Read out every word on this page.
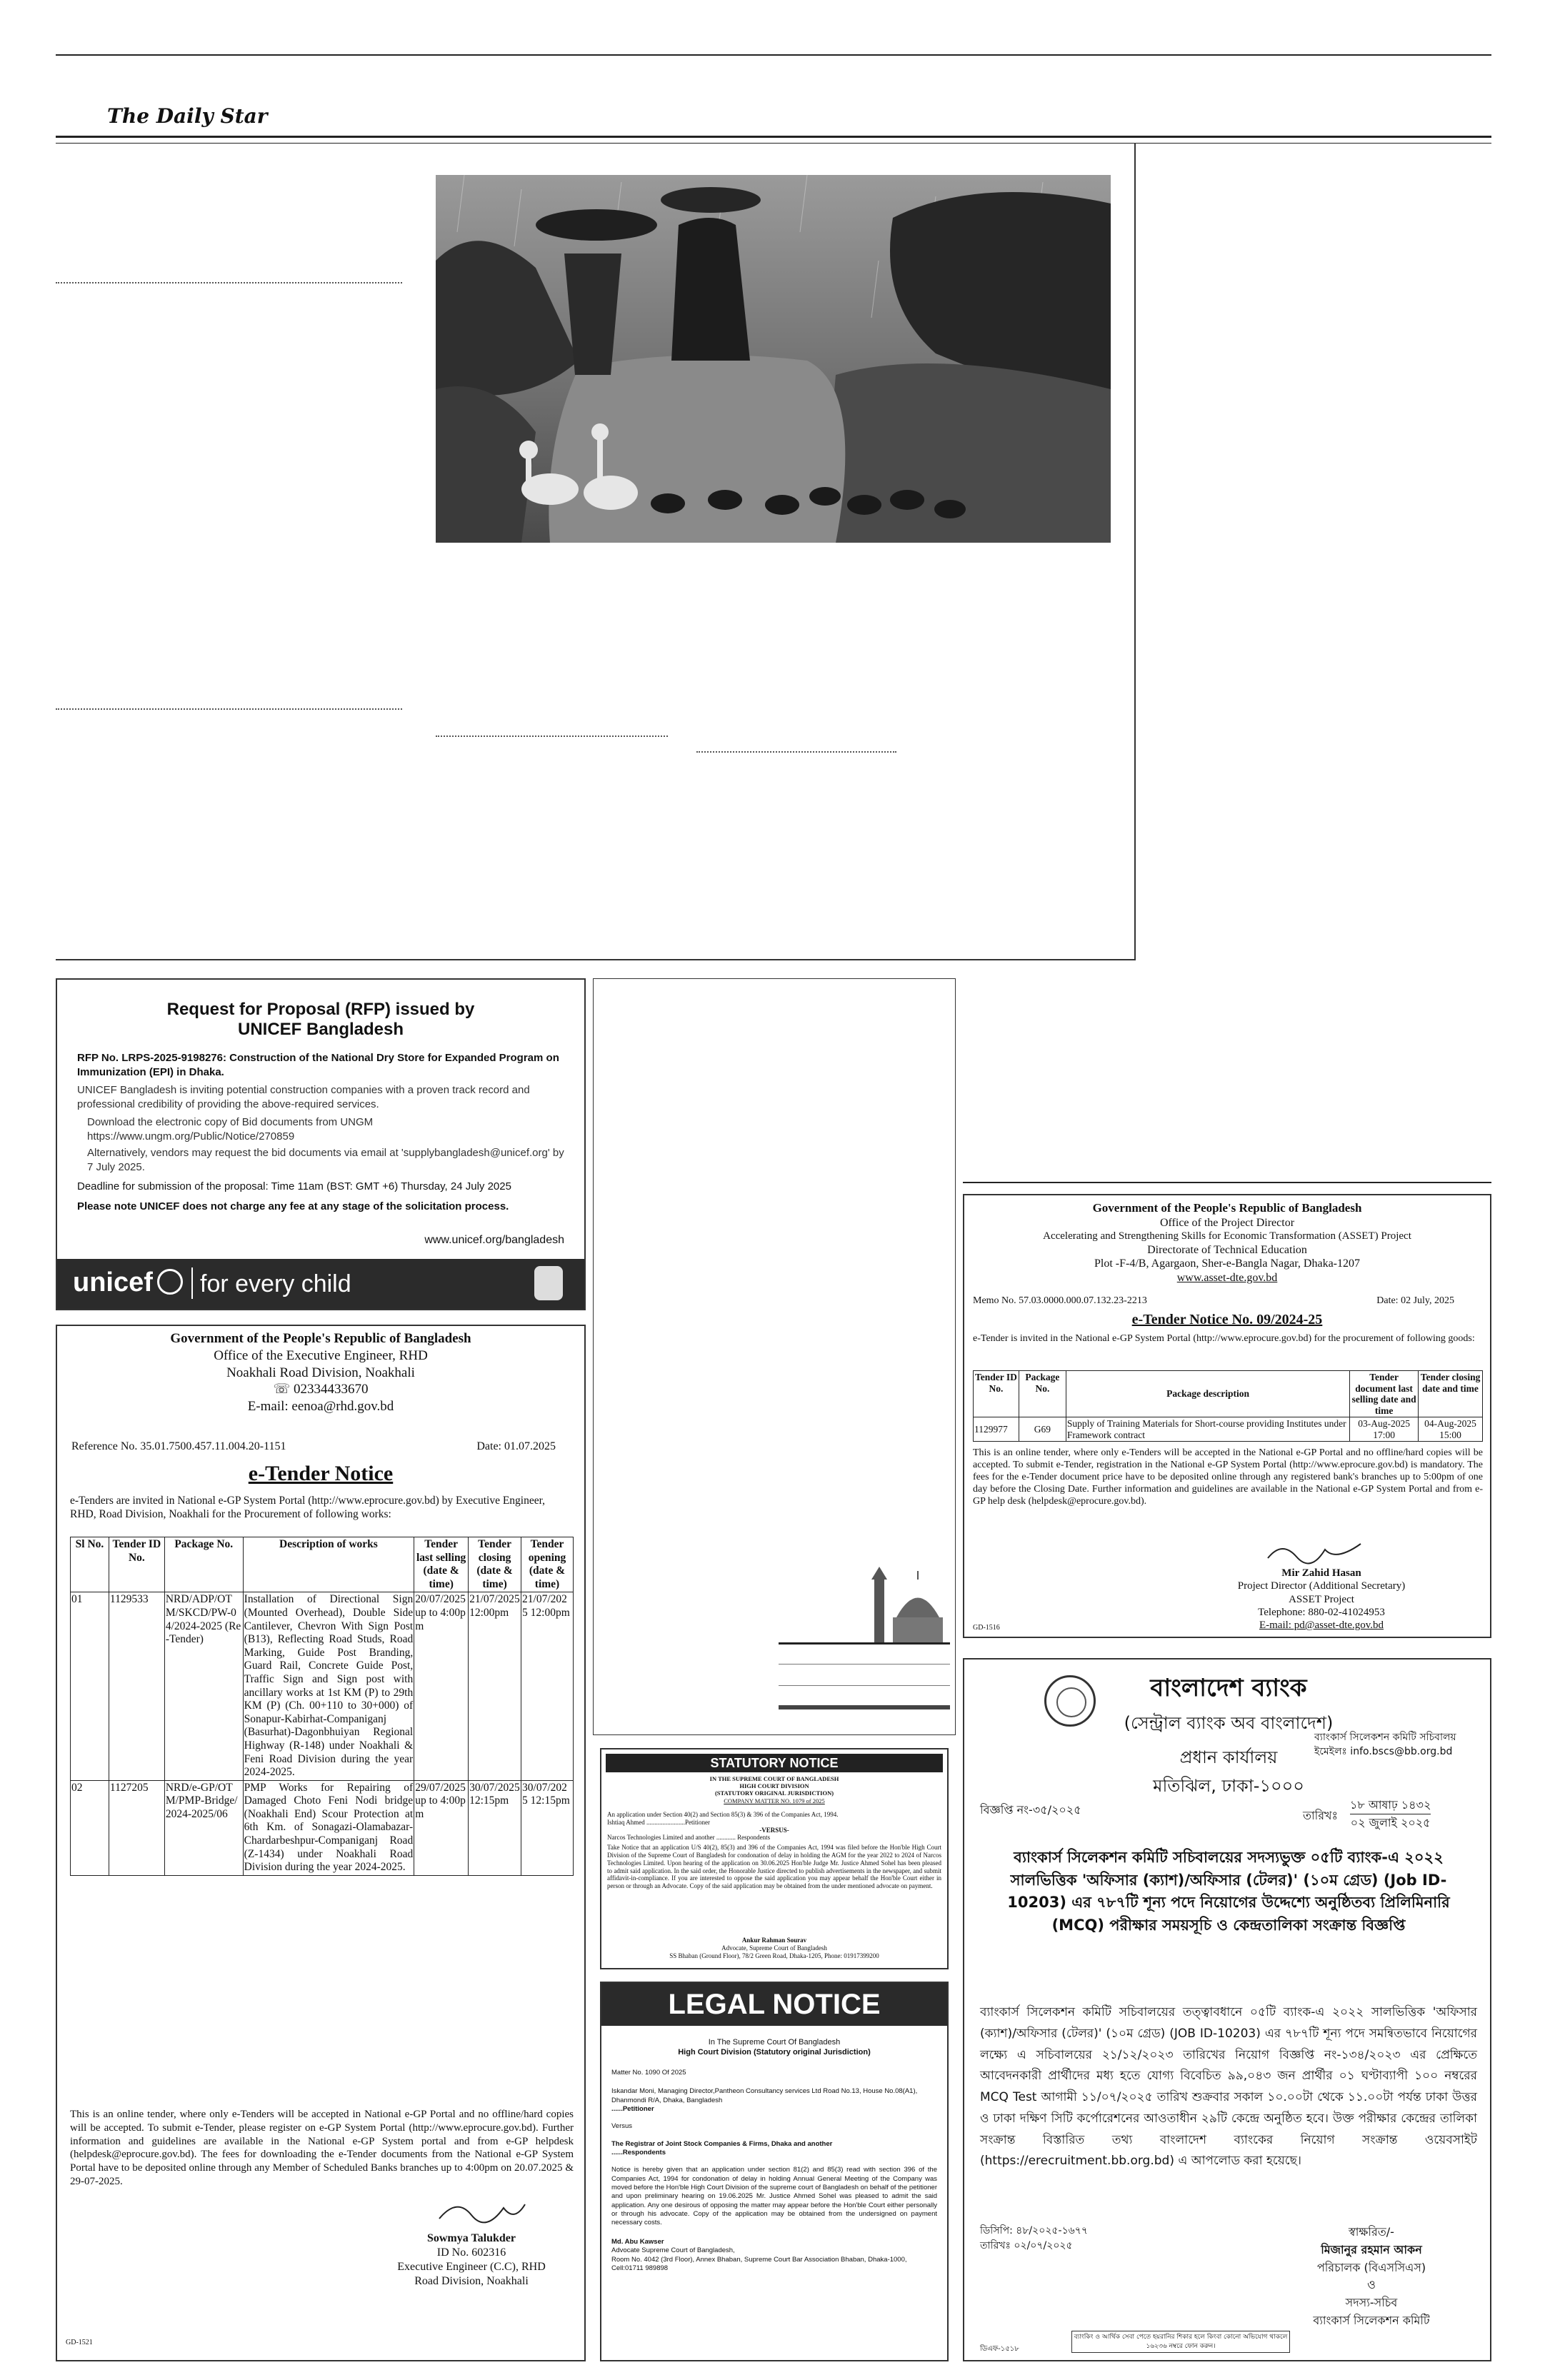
The Daily Star
Request for Proposal (RFP) issued by
UNICEF Bangladesh
RFP No. LRPS-2025-9198276: Construction of the National Dry Store for Expanded Program on Immunization (EPI) in Dhaka.
UNICEF Bangladesh is inviting potential construction companies with a proven track record and professional credibility of providing the above-required services.
Download the electronic copy of Bid documents from UNGM https://www.ungm.org/Public/Notice/270859
Alternatively, vendors may request the bid documents via email at 'supplybangladesh@unicef.org' by 7 July 2025.
Deadline for submission of the proposal: Time 11am (BST: GMT +6) Thursday, 24 July 2025
Please note UNICEF does not charge any fee at any stage of the solicitation process.
www.unicef.org/bangladesh
unicef for every child
Government of the People's Republic of Bangladesh
Office of the Executive Engineer, RHD
Noakhali Road Division, Noakhali
☏ 02334433670
E-mail: eenoa@rhd.gov.bd
Reference No. 35.01.7500.457.11.004.20-1151	Date: 01.07.2025
e-Tender Notice
e-Tenders are invited in National e-GP System Portal (http://www.eprocure.gov.bd) by Executive Engineer, RHD, Road Division, Noakhali for the Procurement of following works:
Sl No.	Tender ID No.	Package No.	Description of works	Tender last selling (date & time)	Tender closing (date & time)	Tender opening (date & time)
01	1129533	NRD/ADP/OTM/SKCD/PW-04/2024-2025 (Re-Tender)	Installation of Directional Sign (Mounted Overhead), Double Side Cantilever, Chevron With Sign Post (B13), Reflecting Road Studs, Road Marking, Guide Post Branding, Guard Rail, Concrete Guide Post, Traffic Sign and Sign post with ancillary works at 1st KM (P) to 29th KM (P) (Ch. 00+110 to 30+000) of Sonapur-Kabirhat-Companiganj (Basurhat)-Dagonbhuiyan Regional Highway (R-148) under Noakhali & Feni Road Division during the year 2024-2025.	20/07/2025 up to 4:00pm	21/07/2025 12:00pm	21/07/2025 12:00pm
02	1127205	NRD/e-GP/OTM/PMP-Bridge/2024-2025/06	PMP Works for Repairing of Damaged Choto Feni Nodi bridge (Noakhali End) Scour Protection at 6th Km. of Sonagazi-Olamabazar-Chardarbeshpur-Companiganj Road (Z-1434) under Noakhali Road Division during the year 2024-2025.	29/07/2025 up to 4:00pm	30/07/2025 12:15pm	30/07/2025 12:15pm
This is an online tender, where only e-Tenders will be accepted in National e-GP Portal and no offline/hard copies will be accepted. To submit e-Tender, please register on e-GP System Portal (http://www.eprocure.gov.bd). Further information and guidelines are available in the National e-GP System portal and from e-GP helpdesk (helpdesk@eprocure.gov.bd). The fees for downloading the e-Tender documents from the National e-GP System Portal have to be deposited online through any Member of Scheduled Banks branches up to 4:00pm on 20.07.2025 & 29-07-2025.
Sowmya Talukder
ID No. 602316
Executive Engineer (C.C), RHD
Road Division, Noakhali
GD-1521
STATUTORY NOTICE
IN THE SUPREME COURT OF BANGLADESH
HIGH COURT DIVISION
(STATUTORY ORIGINAL JURISDICTION)
COMPANY MATTER NO. 1079 of 2025
An application under Section 40(2) and Section 85(3) & 396 of the Companies Act, 1994.
Ishtiaq Ahmed ........................Petitioner
-VERSUS-
Narcos Technologies Limited and another ............ Respondents
Take Notice that an application U/S 40(2), 85(3) and 396 of the Companies Act, 1994 was filed before the Hon'ble High Court Division of the Supreme Court of Bangladesh for condonation of delay in holding the AGM for the year 2022 to 2024 of Narcos Technologies Limited. Upon hearing of the application on 30.06.2025 Hon'ble Judge Mr. Justice Ahmed Sohel has been pleased to admit said application. In the said order, the Honorable Justice directed to publish advertisements in the newspaper, and submit affidavit-in-compliance. If you are interested to oppose the said application you may appear behalf the Hon'ble Court either in person or through an Advocate. Copy of the said application may be obtained from the under mentioned advocate on payment.
Ankur Rahman Sourav
Advocate, Supreme Court of Bangladesh
SS Bhaban (Ground Floor), 78/2 Green Road, Dhaka-1205, Phone: 01917399200
LEGAL NOTICE
In The Supreme Court Of Bangladesh
High Court Division (Statutory original Jurisdiction)
Matter No. 1090 Of 2025
Iskandar Moni, Managing Director,Pantheon Consultancy services Ltd Road No.13, House No.08(A1), Dhanmondi R/A, Dhaka, Bangladesh
......Petitioner
Versus
The Registrar of Joint Stock Companies & Firms, Dhaka and another
......Respondents
Notice is hereby given that an application under section 81(2) and 85(3) read with section 396 of the Companies Act, 1994 for condonation of delay in holding Annual General Meeting of the Company was moved before the Hon'ble High Court Division of the supreme court of Bangladesh on behalf of the petitioner and upon preliminary hearing on 19.06.2025 Mr. Justice Ahmed Sohel was pleased to admit the said application. Any one desirous of opposing the matter may appear before the Hon'ble Court either personally or through his advocate. Copy of the application may be obtained from the undersigned on payment necessary costs.
Md. Abu Kawser
Advocate Supreme Court of Bangladesh,
Room No. 4042 (3rd Floor), Annex Bhaban, Supreme Court Bar Association Bhaban, Dhaka-1000, Cell:01711 989898
Government of the People's Republic of Bangladesh
Office of the Project Director
Accelerating and Strengthening Skills for Economic Transformation (ASSET) Project
Directorate of Technical Education
Plot -F-4/B, Agargaon, Sher-e-Bangla Nagar, Dhaka-1207
www.asset-dte.gov.bd
Memo No. 57.03.0000.000.07.132.23-2213	Date: 02 July, 2025
e-Tender Notice No. 09/2024-25
e-Tender is invited in the National e-GP System Portal (http://www.eprocure.gov.bd) for the procurement of following goods:
Tender ID No.	Package No.	Package description	Tender document last selling date and time	Tender closing date and time
1129977	G69	Supply of Training Materials for Short-course providing Institutes under Framework contract	03-Aug-2025 17:00	04-Aug-2025 15:00
This is an online tender, where only e-Tenders will be accepted in the National e-GP Portal and no offline/hard copies will be accepted. To submit e-Tender, registration in the National e-GP System Portal (http://www.eprocure.gov.bd) is mandatory. The fees for the e-Tender document price have to be deposited online through any registered bank's branches up to 5:00pm of one day before the Closing Date. Further information and guidelines are available in the National e-GP System Portal and from e-GP help desk (helpdesk@eprocure.gov.bd).
Mir Zahid Hasan
Project Director (Additional Secretary)
ASSET Project
Telephone: 880-02-41024953
E-mail: pd@asset-dte.gov.bd
GD-1516
বাংলাদেশ ব্যাংক
(সেন্ট্রাল ব্যাংক অব বাংলাদেশ)
প্রধান কার্যালয়
মতিঝিল, ঢাকা-১০০০
ব্যাংকার্স সিলেকশন কমিটি সচিবালয়
ইমেইলঃ info.bscs@bb.org.bd
বিজ্ঞপ্তি নং-৩৫/২০২৫	তারিখঃ
১৮ আষাঢ় ১৪৩২
০২ জুলাই ২০২৫
ব্যাংকার্স সিলেকশন কমিটি সচিবালয়ের সদস্যভুক্ত ০৫টি ব্যাংক-এ ২০২২ সালভিত্তিক 'অফিসার (ক্যাশ)/অফিসার (টেলর)' (১০ম গ্রেড) (Job ID-10203) এর ৭৮৭টি শূন্য পদে নিয়োগের উদ্দেশ্যে অনুষ্ঠিতব্য প্রিলিমিনারি (MCQ) পরীক্ষার সময়সূচি ও কেন্দ্রতালিকা সংক্রান্ত বিজ্ঞপ্তি
ব্যাংকার্স সিলেকশন কমিটি সচিবালয়ের তত্ত্বাবধানে ০৫টি ব্যাংক-এ ২০২২ সালভিত্তিক 'অফিসার (ক্যাশ)/অফিসার (টেলর)' (১০ম গ্রেড) (JOB ID-10203) এর ৭৮৭টি শূন্য পদে সমন্বিতভাবে নিয়োগের লক্ষ্যে এ সচিবালয়ের ২১/১২/২০২৩ তারিখের নিয়োগ বিজ্ঞপ্তি নং-১৩৪/২০২৩ এর প্রেক্ষিতে আবেদনকারী প্রার্থীদের মধ্য হতে যোগ্য বিবেচিত ৯৯,০৪৩ জন প্রার্থীর ০১ ঘণ্টাব্যাপী ১০০ নম্বরের MCQ Test আগামী ১১/০৭/২০২৫ তারিখ শুক্রবার সকাল ১০.০০টা থেকে ১১.০০টা পর্যন্ত ঢাকা উত্তর ও ঢাকা দক্ষিণ সিটি কর্পোরেশনের আওতাধীন ২৯টি কেন্দ্রে অনুষ্ঠিত হবে। উক্ত পরীক্ষার কেন্দ্রের তালিকা সংক্রান্ত বিস্তারিত তথ্য বাংলাদেশ ব্যাংকের নিয়োগ সংক্রান্ত ওয়েবসাইট (https://erecruitment.bb.org.bd) এ আপলোড করা হয়েছে।
ডিসিপি: ৪৮/২০২৫-১৬৭৭
তারিখঃ ০২/০৭/২০২৫
স্বাক্ষরিত/-
মিজানুর রহমান আকন
পরিচালক (বিএসসিএস)
ও
সদস্য-সচিব
ব্যাংকার্স সিলেকশন কমিটি
ব্যাংকিং ও আর্থিক সেবা পেতে হয়রানির শিকার হলে কিংবা কোনো অভিযোগ থাকলে ১৬২৩৬ নম্বরে ফোন করুন।
ডিএফ-১৫১৮
